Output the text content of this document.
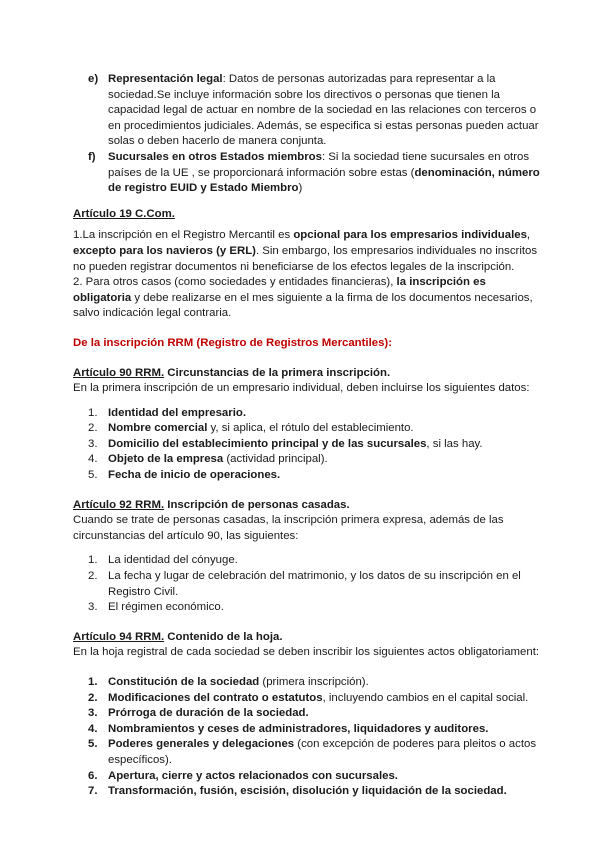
e) Representación legal: Datos de personas autorizadas para representar a la sociedad.Se incluye información sobre los directivos o personas que tienen la capacidad legal de actuar en nombre de la sociedad en las relaciones con terceros o en procedimientos judiciales. Además, se especifica si estas personas pueden actuar solas o deben hacerlo de manera conjunta.
f) Sucursales en otros Estados miembros: Si la sociedad tiene sucursales en otros países de la UE , se proporcionará información sobre estas (denominación, número de registro EUID y Estado Miembro)
Artículo 19 C.Com.
1.La inscripción en el Registro Mercantil es opcional para los empresarios individuales, excepto para los navieros (y ERL). Sin embargo, los empresarios individuales no inscritos no pueden registrar documentos ni beneficiarse de los efectos legales de la inscripción.
2. Para otros casos (como sociedades y entidades financieras), la inscripción es obligatoria y debe realizarse en el mes siguiente a la firma de los documentos necesarios, salvo indicación legal contraria.
De la inscripción RRM (Registro de Registros Mercantiles):
Artículo 90 RRM. Circunstancias de la primera inscripción.
En la primera inscripción de un empresario individual, deben incluirse los siguientes datos:
1. Identidad del empresario.
2. Nombre comercial y, si aplica, el rótulo del establecimiento.
3. Domicilio del establecimiento principal y de las sucursales, si las hay.
4. Objeto de la empresa (actividad principal).
5. Fecha de inicio de operaciones.
Artículo 92 RRM. Inscripción de personas casadas.
Cuando se trate de personas casadas, la inscripción primera expresa, además de las circunstancias del artículo 90, las siguientes:
1. La identidad del cónyuge.
2. La fecha y lugar de celebración del matrimonio, y los datos de su inscripción en el Registro Civil.
3. El régimen económico.
Artículo 94 RRM. Contenido de la hoja.
En la hoja registral de cada sociedad se deben inscribir los siguientes actos obligatoriament:
1. Constitución de la sociedad (primera inscripción).
2. Modificaciones del contrato o estatutos, incluyendo cambios en el capital social.
3. Prórroga de duración de la sociedad.
4. Nombramientos y ceses de administradores, liquidadores y auditores.
5. Poderes generales y delegaciones (con excepción de poderes para pleitos o actos específicos).
6. Apertura, cierre y actos relacionados con sucursales.
7. Transformación, fusión, escisión, disolución y liquidación de la sociedad.
